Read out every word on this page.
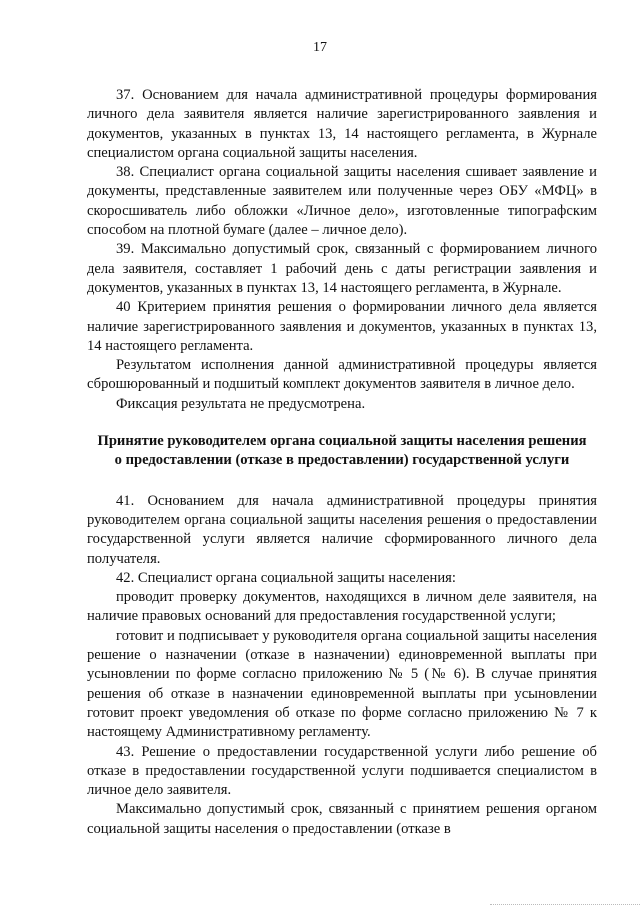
17

37. Основанием для начала административной процедуры формирования личного дела заявителя является наличие зарегистрированного заявления и документов, указанных в пунктах 13, 14 настоящего регламента, в Журнале специалистом органа социальной защиты населения.

38. Специалист органа социальной защиты населения сшивает заявление и документы, представленные заявителем или полученные через ОБУ «МФЦ» в скоросшиватель либо обложки «Личное дело», изготовленные типографским способом на плотной бумаге (далее – личное дело).

39. Максимально допустимый срок, связанный с формированием личного дела заявителя, составляет 1 рабочий день с даты регистрации заявления и документов, указанных в пунктах 13, 14 настоящего регламента, в Журнале.

40 Критерием принятия решения о формировании личного дела является наличие зарегистрированного заявления и документов, указанных в пунктах 13, 14 настоящего регламента.

Результатом исполнения данной административной процедуры является сброшюрованный и подшитый комплект документов заявителя в личное дело.

Фиксация результата не предусмотрена.

Принятие руководителем органа социальной защиты населения решения о предоставлении (отказе в предоставлении) государственной услуги

41. Основанием для начала административной процедуры принятия руководителем органа социальной защиты населения решения о предоставлении государственной услуги является наличие сформированного личного дела получателя.

42. Специалист органа социальной защиты населения:

проводит проверку документов, находящихся в личном деле заявителя, на наличие правовых оснований для предоставления государственной услуги;

готовит и подписывает у руководителя органа социальной защиты населения решение о назначении (отказе в назначении) единовременной выплаты при усыновлении по форме согласно приложению № 5 (№ 6). В случае принятия решения об отказе в назначении единовременной выплаты при усыновлении готовит проект уведомления об отказе по форме согласно приложению № 7 к настоящему Административному регламенту.

43. Решение о предоставлении государственной услуги либо решение об отказе в предоставлении государственной услуги подшивается специалистом в личное дело заявителя.

Максимально допустимый срок, связанный с принятием решения органом социальной защиты населения о предоставлении (отказе в
